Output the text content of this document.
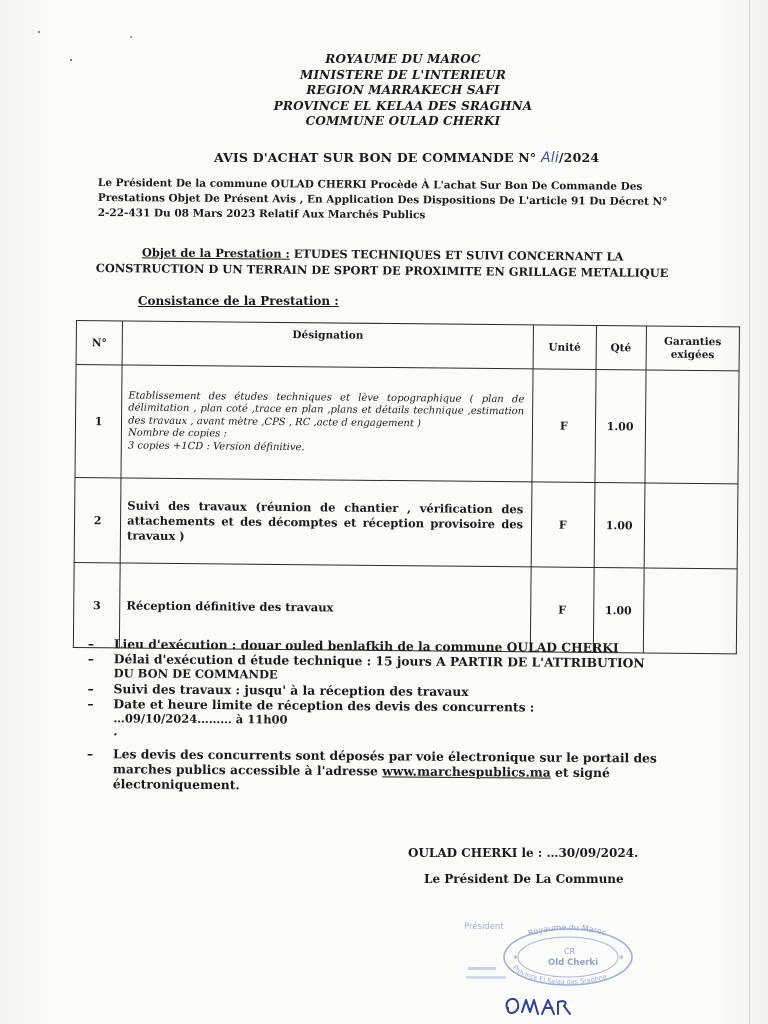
ROYAUME DU MAROC
MINISTERE DE L'INTERIEUR
REGION MARRAKECH SAFI
PROVINCE EL KELAA DES SRAGHNA
COMMUNE OULAD CHERKI
AVIS D'ACHAT SUR BON DE COMMANDE N° Ali/2024
Le Président De la commune OULAD CHERKI Procède À L'achat Sur Bon De Commande Des Prestations Objet De Présent Avis , En Application Des Dispositions De L'article 91 Du Décret N° 2-22-431 Du 08 Mars 2023 Relatif Aux Marchés Publics
Objet de la Prestation : ETUDES TECHNIQUES ET SUIVI CONCERNANT LA
CONSTRUCTION D UN TERRAIN DE SPORT DE PROXIMITE EN GRILLAGE METALLIQUE
Consistance de la Prestation :
N°	Désignation	Unité	Qté	Garanties exigées
1	Etablissement des études techniques et lève topographique ( plan de délimitation , plan coté ,trace en plan ,plans et détails technique ,estimation des travaux , avant mètre ,CPS , RC ,acte d engagement )
Nombre de copies :
3 copies +1CD : Version définitive.	F	1.00	
2	Suivi des travaux (réunion de chantier , vérification des attachements et des décomptes et réception provisoire des travaux )	F	1.00	
3	Réception définitive des travaux	F	1.00	
– Lieu d'exécution : douar ouled benlafkih de la commune OULAD CHERKI
– Délai d'exécution d étude technique : 15 jours A PARTIR DE L'ATTRIBUTION
DU BON DE COMMANDE
– Suivi des travaux : jusqu' à la réception des travaux
– Date et heure limite de réception des devis des concurrents :
…09/10/2024……… à 11h00
.
– Les devis des concurrents sont déposés par voie électronique sur le portail des marches publics accessible à l'adresse www.marchespublics.ma et signé électroniquement.
OULAD CHERKI le : …30/09/2024.
Le Président De La Commune
Président
Royaume du Maroc
CR
Old Cherki
Province El Kelaa des Sraghna
✶	✶
